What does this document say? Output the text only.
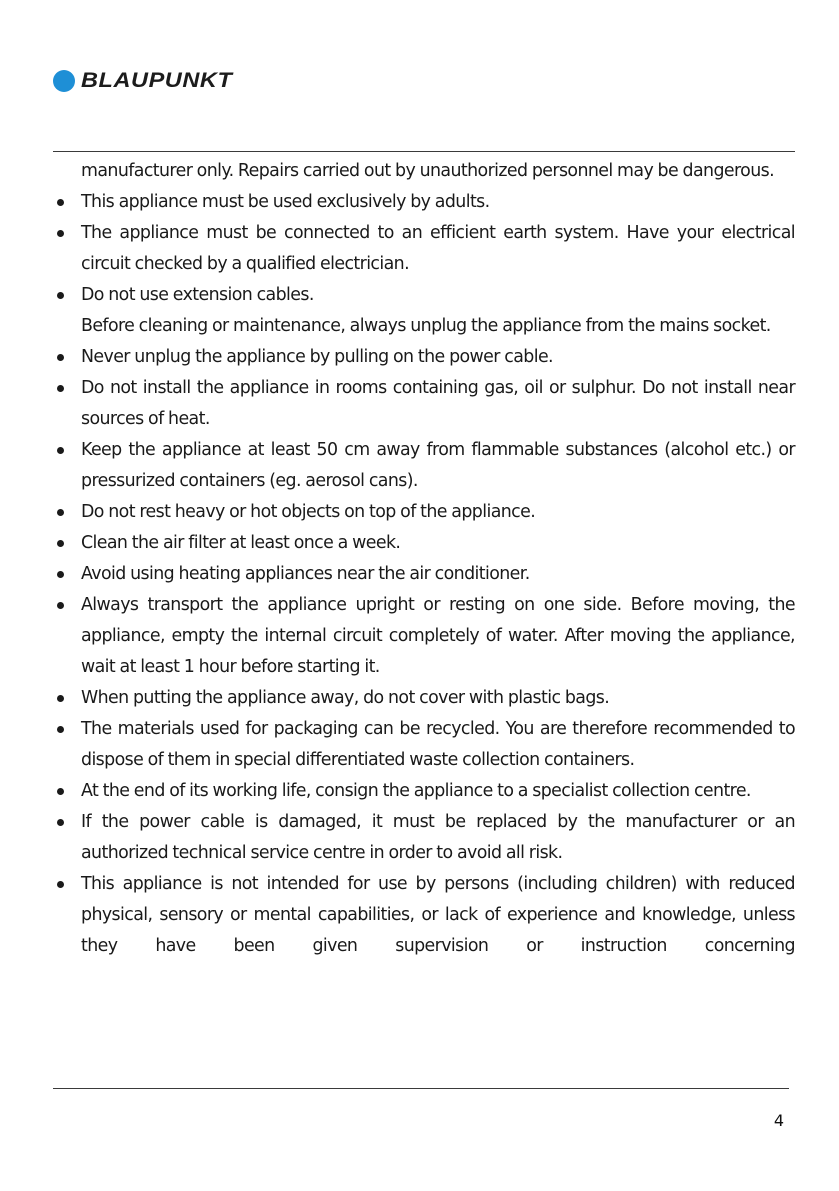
BLAUPUNKT

manufacturer only. Repairs carried out by unauthorized personnel may be dangerous.

This appliance must be used exclusively by adults.

The appliance must be connected to an efficient earth system. Have your electrical circuit checked by a qualified electrician.

Do not use extension cables.

Before cleaning or maintenance, always unplug the appliance from the mains socket.

Never unplug the appliance by pulling on the power cable.

Do not install the appliance in rooms containing gas, oil or sulphur. Do not install near sources of heat.

Keep the appliance at least 50 cm away from flammable substances (alcohol etc.) or pressurized containers (eg. aerosol cans).

Do not rest heavy or hot objects on top of the appliance.

Clean the air filter at least once a week.

Avoid using heating appliances near the air conditioner.

Always transport the appliance upright or resting on one side. Before moving, the appliance, empty the internal circuit completely of water. After moving the appliance, wait at least 1 hour before starting it.

When putting the appliance away, do not cover with plastic bags.

The materials used for packaging can be recycled. You are therefore recommended to dispose of them in special differentiated waste collection containers.

At the end of its working life, consign the appliance to a specialist collection centre.

If the power cable is damaged, it must be replaced by the manufacturer or an authorized technical service centre in order to avoid all risk.

This appliance is not intended for use by persons (including children) with reduced physical, sensory or mental capabilities, or lack of experience and knowledge, unless they have been given supervision or instruction concerning

4
